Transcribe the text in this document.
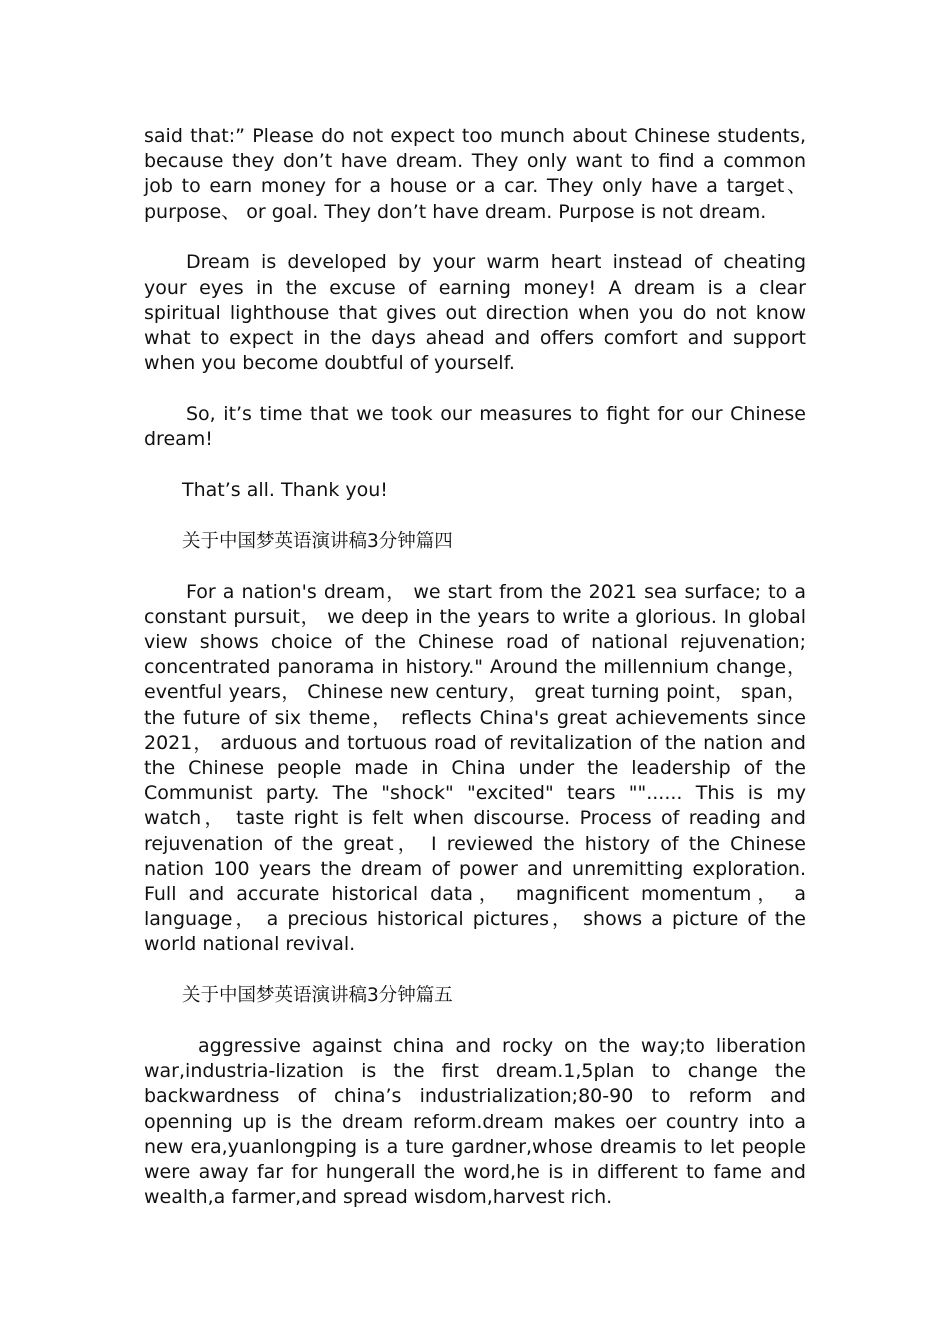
said that:” Please do not expect too munch about Chinese students, because they don’t have dream. They only want to find a common job to earn money for a house or a car. They only have a target、 purpose、 or goal. They don’t have dream. Purpose is not dream.

Dream is developed by your warm heart instead of cheating your eyes in the excuse of earning money! A dream is a clear spiritual lighthouse that gives out direction when you do not know what to expect in the days ahead and offers comfort and support when you become doubtful of yourself.

So, it’s time that we took our measures to fight for our Chinese dream!

That’s all. Thank you!

关于中国梦英语演讲稿3分钟篇四

For a nation's dream， we start from the 2021 sea surface; to a constant pursuit， we deep in the years to write a glorious. In global view shows choice of the Chinese road of national rejuvenation; concentrated panorama in history." Around the millennium change， eventful years， Chinese new century， great turning point， span， the future of six theme， reflects China's great achievements since 2021， arduous and tortuous road of revitalization of the nation and the Chinese people made in China under the leadership of the Communist party. The "shock" "excited" tears ""...... This is my watch， taste right is felt when discourse. Process of reading and rejuvenation of the great， I reviewed the history of the Chinese nation 100 years the dream of power and unremitting exploration. Full and accurate historical data， magnificent momentum， a language， a precious historical pictures， shows a picture of the world national revival.

关于中国梦英语演讲稿3分钟篇五

aggressive against china and rocky on the way;to liberation war,industria-lization is the first dream.1,5plan to change the backwardness of china’s industrialization;80-90 to reform and openning up is the dream reform.dream makes oer country into a new era,yuanlongping is a ture gardner,whose dreamis to let people were away far for hungerall the word,he is in different to fame and wealth,a farmer,and spread wisdom,harvest rich.
